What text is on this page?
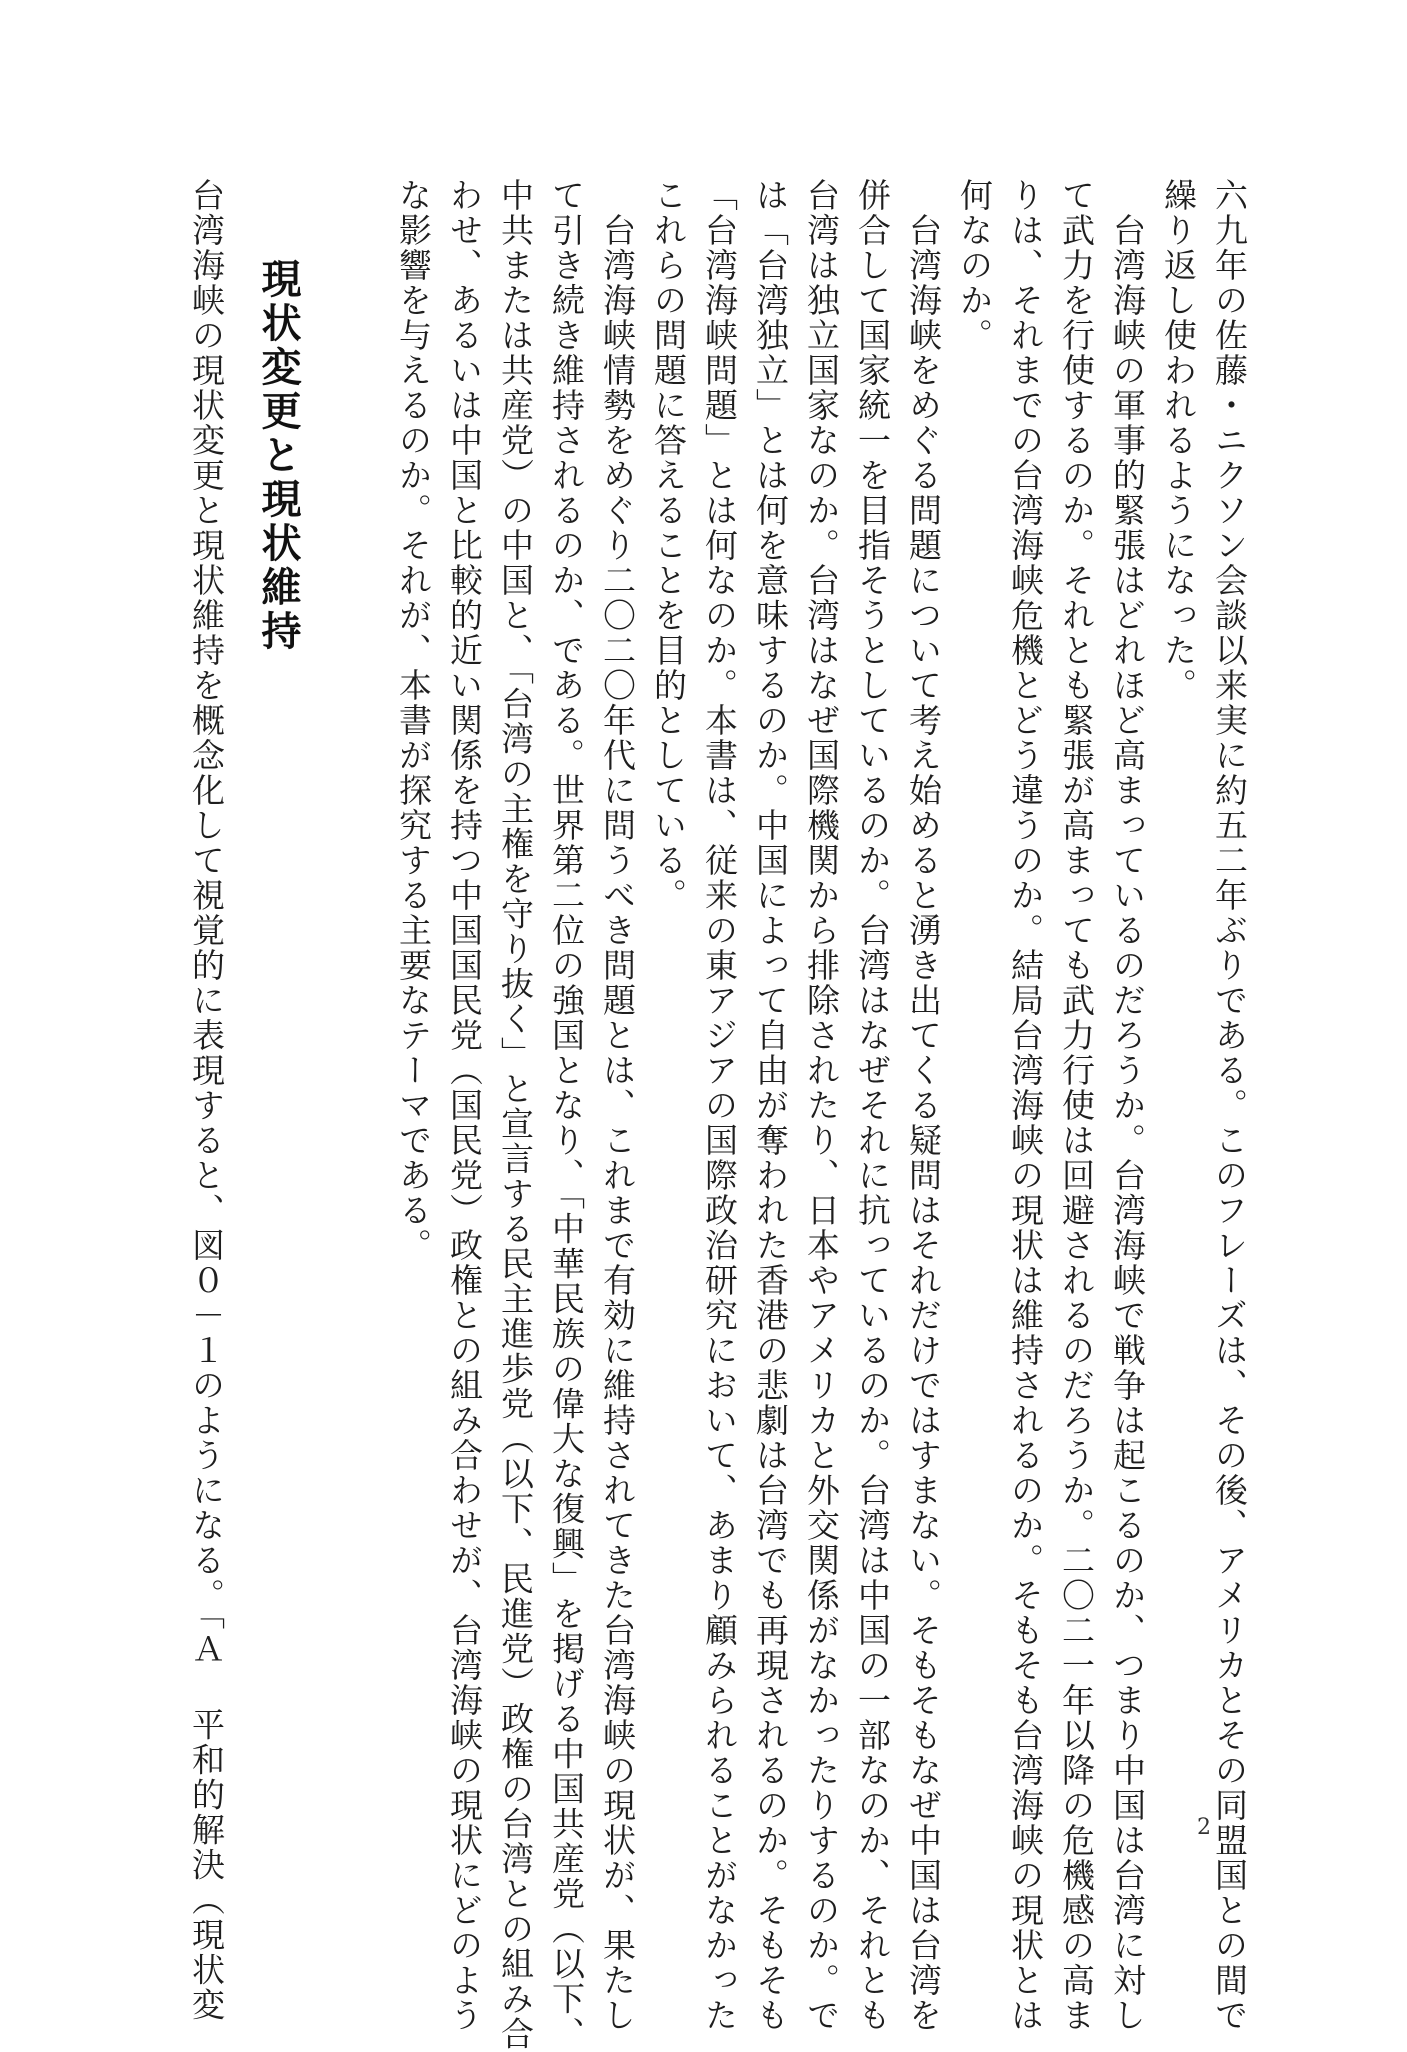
六九年の佐藤・ニクソン会談以来実に約五二年ぶりである。このフレーズは、その後、アメリカとその同盟国との間で
繰り返し使われるようになった。
　台湾海峡の軍事的緊張はどれほど高まっているのだろうか。台湾海峡で戦争は起こるのか、つまり中国は台湾に対し
て武力を行使するのか。それとも緊張が高まっても武力行使は回避されるのだろうか。二〇二一年以降の危機感の高ま
りは、それまでの台湾海峡危機とどう違うのか。結局台湾海峡の現状は維持されるのか。そもそも台湾海峡の現状とは
何なのか。
　台湾海峡をめぐる問題について考え始めると湧き出てくる疑問はそれだけではすまない。そもそもなぜ中国は台湾を
併合して国家統一を目指そうとしているのか。台湾はなぜそれに抗っているのか。台湾は中国の一部なのか、それとも
台湾は独立国家なのか。台湾はなぜ国際機関から排除されたり、日本やアメリカと外交関係がなかったりするのか。で
は「台湾独立」とは何を意味するのか。中国によって自由が奪われた香港の悲劇は台湾でも再現されるのか。そもそも
「台湾海峡問題」とは何なのか。本書は、従来の東アジアの国際政治研究において、あまり顧みられることがなかった
これらの問題に答えることを目的としている。
　台湾海峡情勢をめぐり二〇二〇年代に問うべき問題とは、これまで有効に維持されてきた台湾海峡の現状が、果たし
て引き続き維持されるのか、である。世界第二位の強国となり、「中華民族の偉大な復興」を掲げる中国共産党（以下、
中共または共産党）の中国と、「台湾の主権を守り抜く」と宣言する民主進歩党（以下、民進党）政権の台湾との組み合
わせ、あるいは中国と比較的近い関係を持つ中国国民党（国民党）政権との組み合わせが、台湾海峡の現状にどのよう
な影響を与えるのか。それが、本書が探究する主要なテーマである。
現状変更と現状維持
台湾海峡の現状変更と現状維持を概念化して視覚的に表現すると、図０－１のようになる。「Ａ 平和的解決（現状変	2
